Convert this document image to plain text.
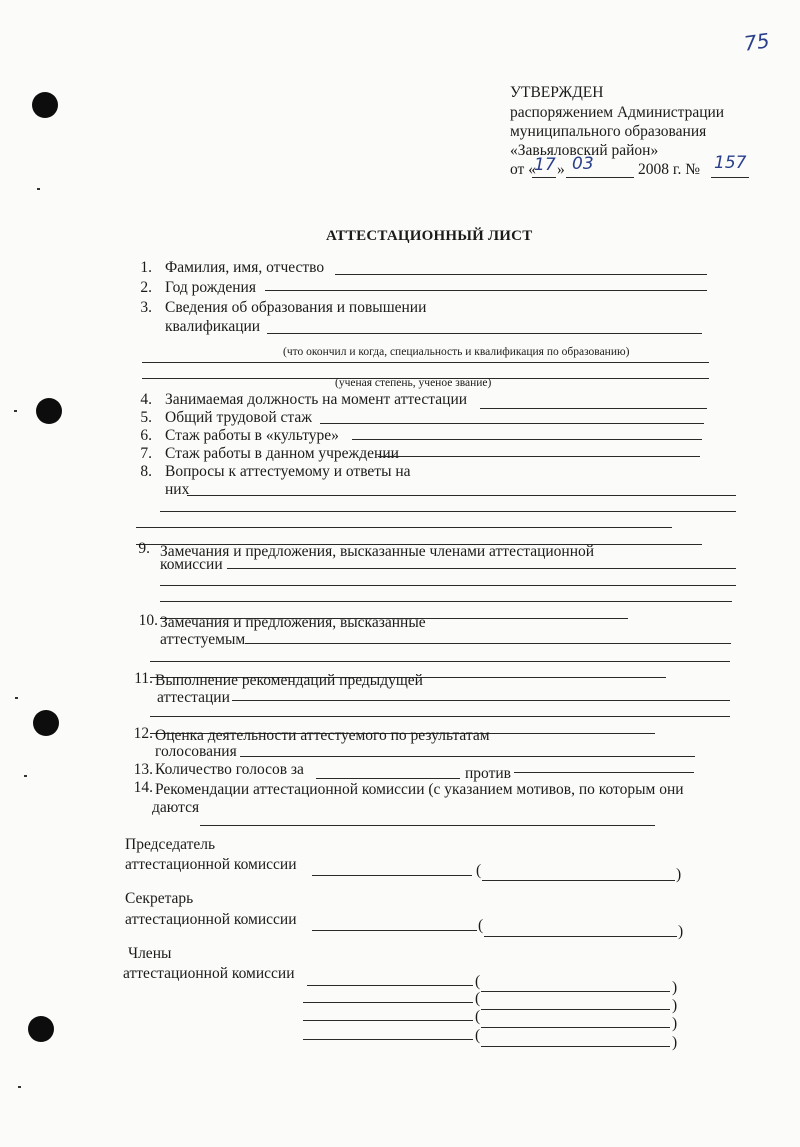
75
УТВЕРЖДЕН
распоряжением Администрации
муниципального образования
«Завьяловский район»
от «
17 » 03	2008 г. № 157
АТТЕСТАЦИОННЫЙ ЛИСТ
1. Фамилия, имя, отчество
2. Год рождения
3. Сведения об образования и повышении
квалификации
(что окончил и когда, специальность и квалификация по образованию)
(ученая степень, ученое звание)
4. Занимаемая должность на момент аттестации
5. Общий трудовой стаж
6. Стаж работы в «культуре»
7. Стаж работы в данном учреждении
8. Вопросы к аттестуемому и ответы на
них
9. Замечания и предложения, высказанные членами аттестационной
комиссии
10. Замечания и предложения, высказанные
аттестуемым
11. Выполнение рекомендаций предыдущей
аттестации
12. Оценка деятельности аттестуемого по результатам
голосования
13. Количество голосов за	против
14. Рекомендации аттестационной комиссии (с указанием мотивов, по которым они
даются
Председатель
аттестационной комиссии	(	)
Секретарь
аттестационной комиссии	(	)
Члены
аттестационной комиссии	(	)
(	)
(	)
(	)
